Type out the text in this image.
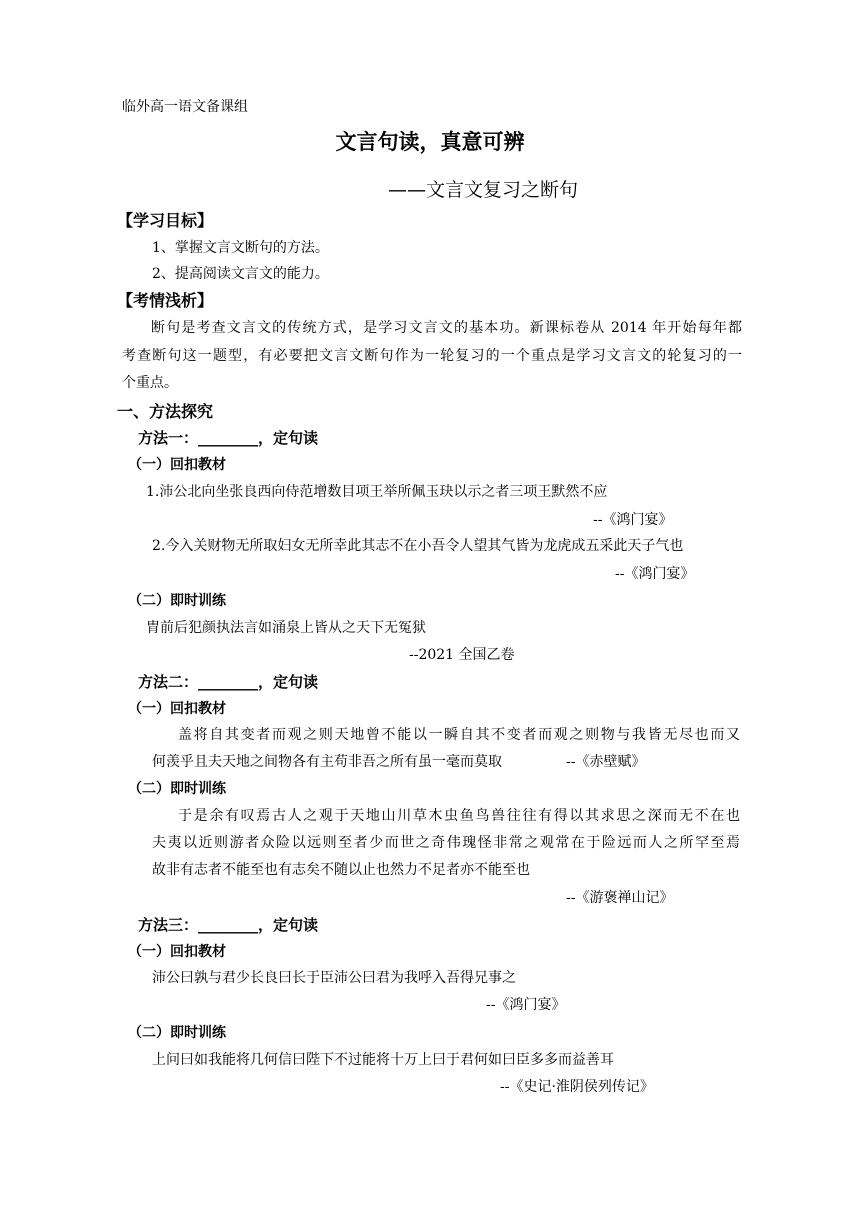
临外高一语文备课组
文言句读，真意可辨
——文言文复习之断句
【学习目标】
1、掌握文言文断句的方法。
2、提高阅读文言文的能力。
【考情浅析】
断句是考查文言文的传统方式，是学习文言文的基本功。新课标卷从 2014 年开始每年都
考查断句这一题型，有必要把文言文断句作为一轮复习的一个重点是学习文言文的轮复习的一
个重点。
一、方法探究
方法一：________，定句读
（一）回扣教材
1.沛公北向坐张良西向侍范增数目项王举所佩玉玦以示之者三项王默然不应
--《鸿门宴》
2.今入关财物无所取妇女无所幸此其志不在小吾令人望其气皆为龙虎成五采此天子气也
--《鸿门宴》
（二）即时训练
胄前后犯颜执法言如涌泉上皆从之天下无冤狱
--2021 全国乙卷
方法二：________，定句读
（一）回扣教材
盖将自其变者而观之则天地曾不能以一瞬自其不变者而观之则物与我皆无尽也而又
何羡乎且夫天地之间物各有主苟非吾之所有虽一毫而莫取	--《赤壁赋》
（二）即时训练
于是余有叹焉古人之观于天地山川草木虫鱼鸟兽往往有得以其求思之深而无不在也
夫夷以近则游者众险以远则至者少而世之奇伟瑰怪非常之观常在于险远而人之所罕至焉
故非有志者不能至也有志矣不随以止也然力不足者亦不能至也
--《游褒禅山记》
方法三：________，定句读
（一）回扣教材
沛公曰孰与君少长良曰长于臣沛公曰君为我呼入吾得兄事之
--《鸿门宴》
（二）即时训练
上问曰如我能将几何信曰陛下不过能将十万上曰于君何如曰臣多多而益善耳
--《史记·淮阴侯列传记》
